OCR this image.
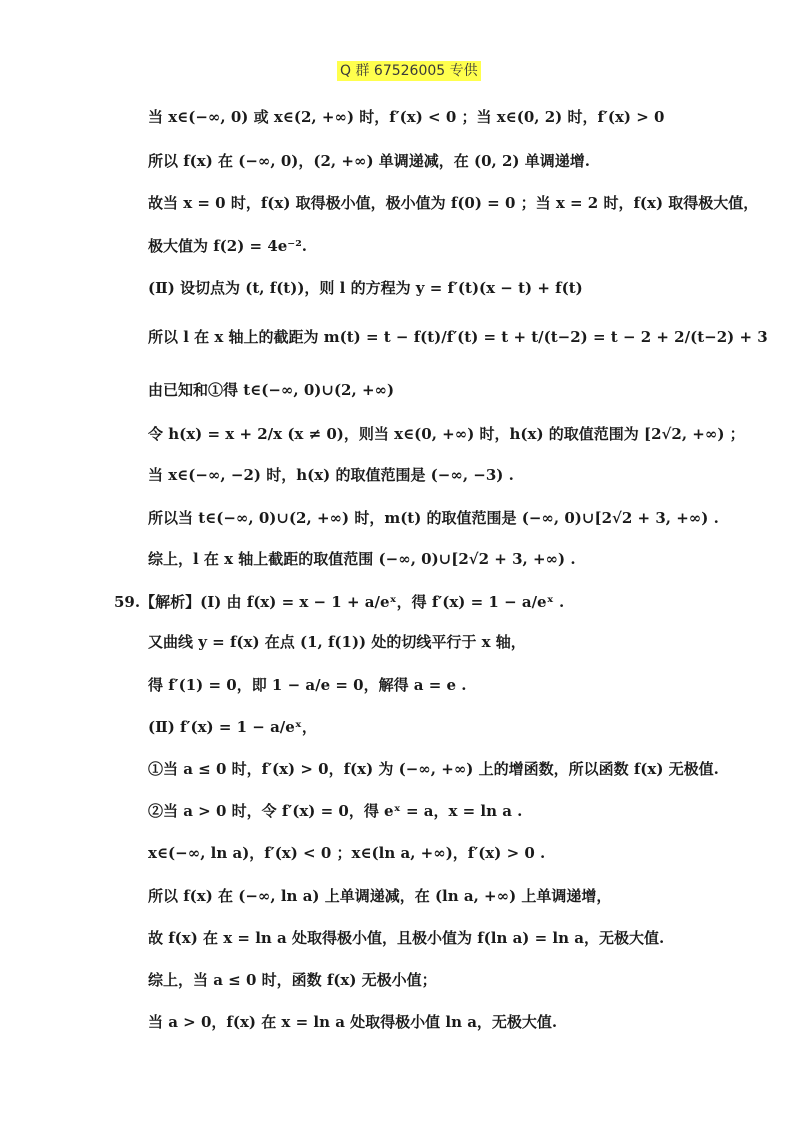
Q 群 67526005 专供
当 x∈(−∞, 0) 或 x∈(2, +∞) 时，f′(x) < 0 ；当 x∈(0, 2) 时，f′(x) > 0
所以 f(x) 在 (−∞, 0)，(2, +∞) 单调递减，在 (0, 2) 单调递增.
故当 x = 0 时，f(x) 取得极小值，极小值为 f(0) = 0 ；当 x = 2 时，f(x) 取得极大值，
极大值为 f(2) = 4e⁻².
(Ⅱ) 设切点为 (t, f(t))，则 l 的方程为 y = f′(t)(x − t) + f(t)
所以 l 在 x 轴上的截距为 m(t) = t − f(t)/f′(t) = t + t/(t−2) = t − 2 + 2/(t−2) + 3
由已知和①得 t∈(−∞, 0)∪(2, +∞)
令 h(x) = x + 2/x (x ≠ 0)，则当 x∈(0, +∞) 时，h(x) 的取值范围为 [2√2, +∞) ；
当 x∈(−∞, −2) 时，h(x) 的取值范围是 (−∞, −3) .
所以当 t∈(−∞, 0)∪(2, +∞) 时，m(t) 的取值范围是 (−∞, 0)∪[2√2 + 3, +∞) .
综上，l 在 x 轴上截距的取值范围 (−∞, 0)∪[2√2 + 3, +∞) .
59.【解析】(Ⅰ) 由 f(x) = x − 1 + a/eˣ，得 f′(x) = 1 − a/eˣ .
又曲线 y = f(x) 在点 (1, f(1)) 处的切线平行于 x 轴，
得 f′(1) = 0，即 1 − a/e = 0，解得 a = e .
(Ⅱ) f′(x) = 1 − a/eˣ，
①当 a ≤ 0 时，f′(x) > 0，f(x) 为 (−∞, +∞) 上的增函数，所以函数 f(x) 无极值.
②当 a > 0 时，令 f′(x) = 0，得 eˣ = a，x = ln a .
x∈(−∞, ln a)，f′(x) < 0 ；x∈(ln a, +∞)，f′(x) > 0 .
所以 f(x) 在 (−∞, ln a) 上单调递减，在 (ln a, +∞) 上单调递增，
故 f(x) 在 x = ln a 处取得极小值，且极小值为 f(ln a) = ln a，无极大值.
综上，当 a ≤ 0 时，函数 f(x) 无极小值；
当 a > 0，f(x) 在 x = ln a 处取得极小值 ln a，无极大值.
